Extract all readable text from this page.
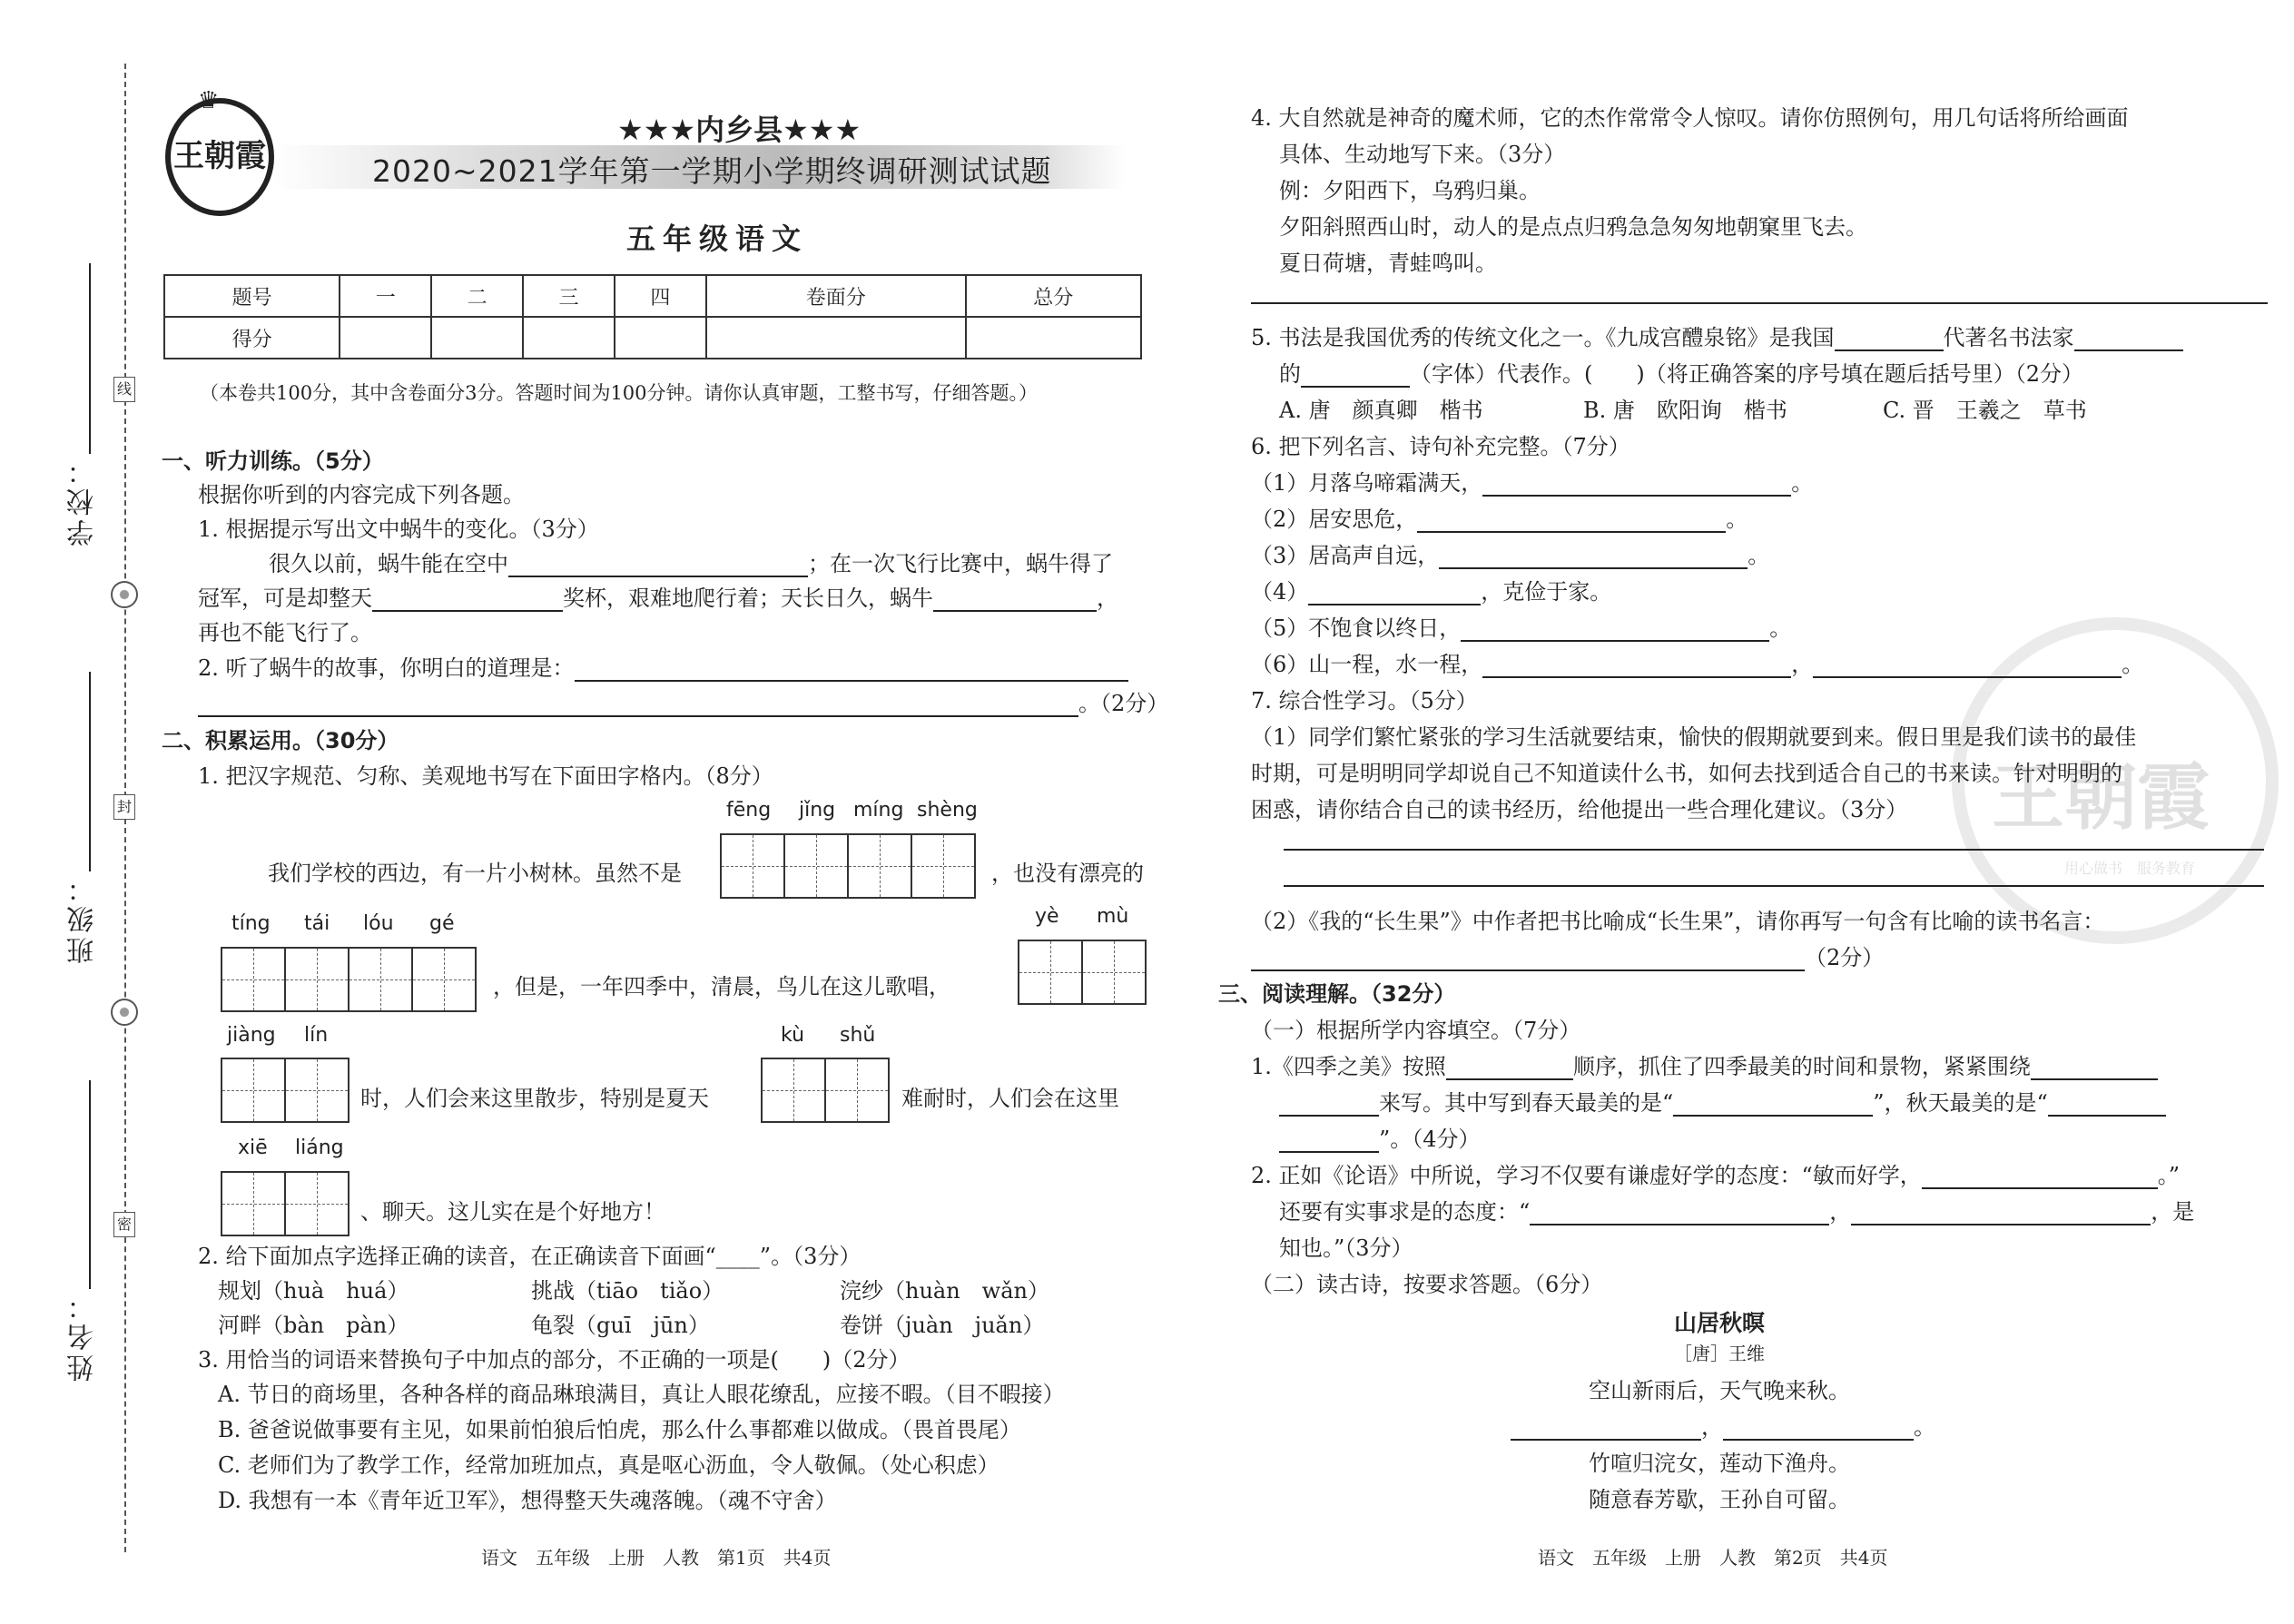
学校：
班级：
姓名：
线
封
密
♛
王朝霞
★★★内乡县★★★
2020~2021学年第一学期小学期终调研测试试题
五年级语文
题号	一	二	三	四	卷面分	总分
得分						
（本卷共100分，其中含卷面分3分。答题时间为100分钟。请你认真审题，工整书写，仔细答题。）
一、听力训练。（5分）
根据你听到的内容完成下列各题。
1. 根据提示写出文中蜗牛的变化。（3分）
很久以前，蜗牛能在空中	；在一次飞行比赛中，蜗牛得了
冠军，可是却整天	奖杯，艰难地爬行着；天长日久，蜗牛	，
再也不能飞行了。
2. 听了蜗牛的故事，你明白的道理是：
。（2分）
二、积累运用。（30分）
1. 把汉字规范、匀称、美观地书写在下面田字格内。（8分）
fēng jǐng míng shèng
我们学校的西边，有一片小树林。虽然不是	，也没有漂亮的
tíng tái lóu gé	yè mù
，但是，一年四季中，清晨，鸟儿在这儿歌唱，
jiàng lín	kù shǔ
时，人们会来这里散步，特别是夏天	难耐时，人们会在这里
xiē liáng
、聊天。这儿实在是个好地方！
2. 给下面加点字选择正确的读音，在正确读音下面画“____”。（3分）
规划（huà　huá）	挑战（tiāo　tiǎo）	浣纱（huàn　wǎn）
河畔（bàn　pàn）	龟裂（guī　jūn）	卷饼（juàn　juǎn）
3. 用恰当的词语来替换句子中加点的部分，不正确的一项是(　　)（2分）
A. 节日的商场里，各种各样的商品琳琅满目，真让人眼花缭乱，应接不暇。（目不暇接）
B. 爸爸说做事要有主见，如果前怕狼后怕虎，那么什么事都难以做成。（畏首畏尾）
C. 老师们为了教学工作，经常加班加点，真是呕心沥血，令人敬佩。（处心积虑）
D. 我想有一本《青年近卫军》，想得整天失魂落魄。（魂不守舍）
语文　五年级　上册　人教　第1页　共4页
王朝霞
用心做书　服务教育
4. 大自然就是神奇的魔术师，它的杰作常常令人惊叹。请你仿照例句，用几句话将所给画面
具体、生动地写下来。（3分）
例：夕阳西下，乌鸦归巢。
夕阳斜照西山时，动人的是点点归鸦急急匆匆地朝窠里飞去。
夏日荷塘，青蛙鸣叫。
5. 书法是我国优秀的传统文化之一。《九成宫醴泉铭》是我国	代著名书法家
的	（字体）代表作。(　　)（将正确答案的序号填在题后括号里）（2分）
A. 唐　颜真卿　楷书	B. 唐　欧阳询　楷书	C. 晋　王羲之　草书
6. 把下列名言、诗句补充完整。（7分）
（1）月落乌啼霜满天，	。
（2）居安思危，	。
（3）居高声自远，	。
（4）	，克俭于家。
（5）不饱食以终日，	。
（6）山一程，水一程，	，	。
7. 综合性学习。（5分）
（1）同学们繁忙紧张的学习生活就要结束，愉快的假期就要到来。假日里是我们读书的最佳
时期，可是明明同学却说自己不知道读什么书，如何去找到适合自己的书来读。针对明明的
困惑，请你结合自己的读书经历，给他提出一些合理化建议。（3分）
（2）《我的“长生果”》中作者把书比喻成“长生果”，请你再写一句含有比喻的读书名言：
（2分）
三、阅读理解。（32分）
（一）根据所学内容填空。（7分）
1.《四季之美》按照	顺序，抓住了四季最美的时间和景物，紧紧围绕
来写。其中写到春天最美的是“	”，秋天最美的是“
”。（4分）
2. 正如《论语》中所说，学习不仅要有谦虚好学的态度：“敏而好学，	。”
还要有实事求是的态度：“	，	，是
知也。”（3分）
（二）读古诗，按要求答题。（6分）
山居秋暝
［唐］王维
空山新雨后，天气晚来秋。
，	。
竹喧归浣女，莲动下渔舟。
随意春芳歇，王孙自可留。
语文　五年级　上册　人教　第2页　共4页
